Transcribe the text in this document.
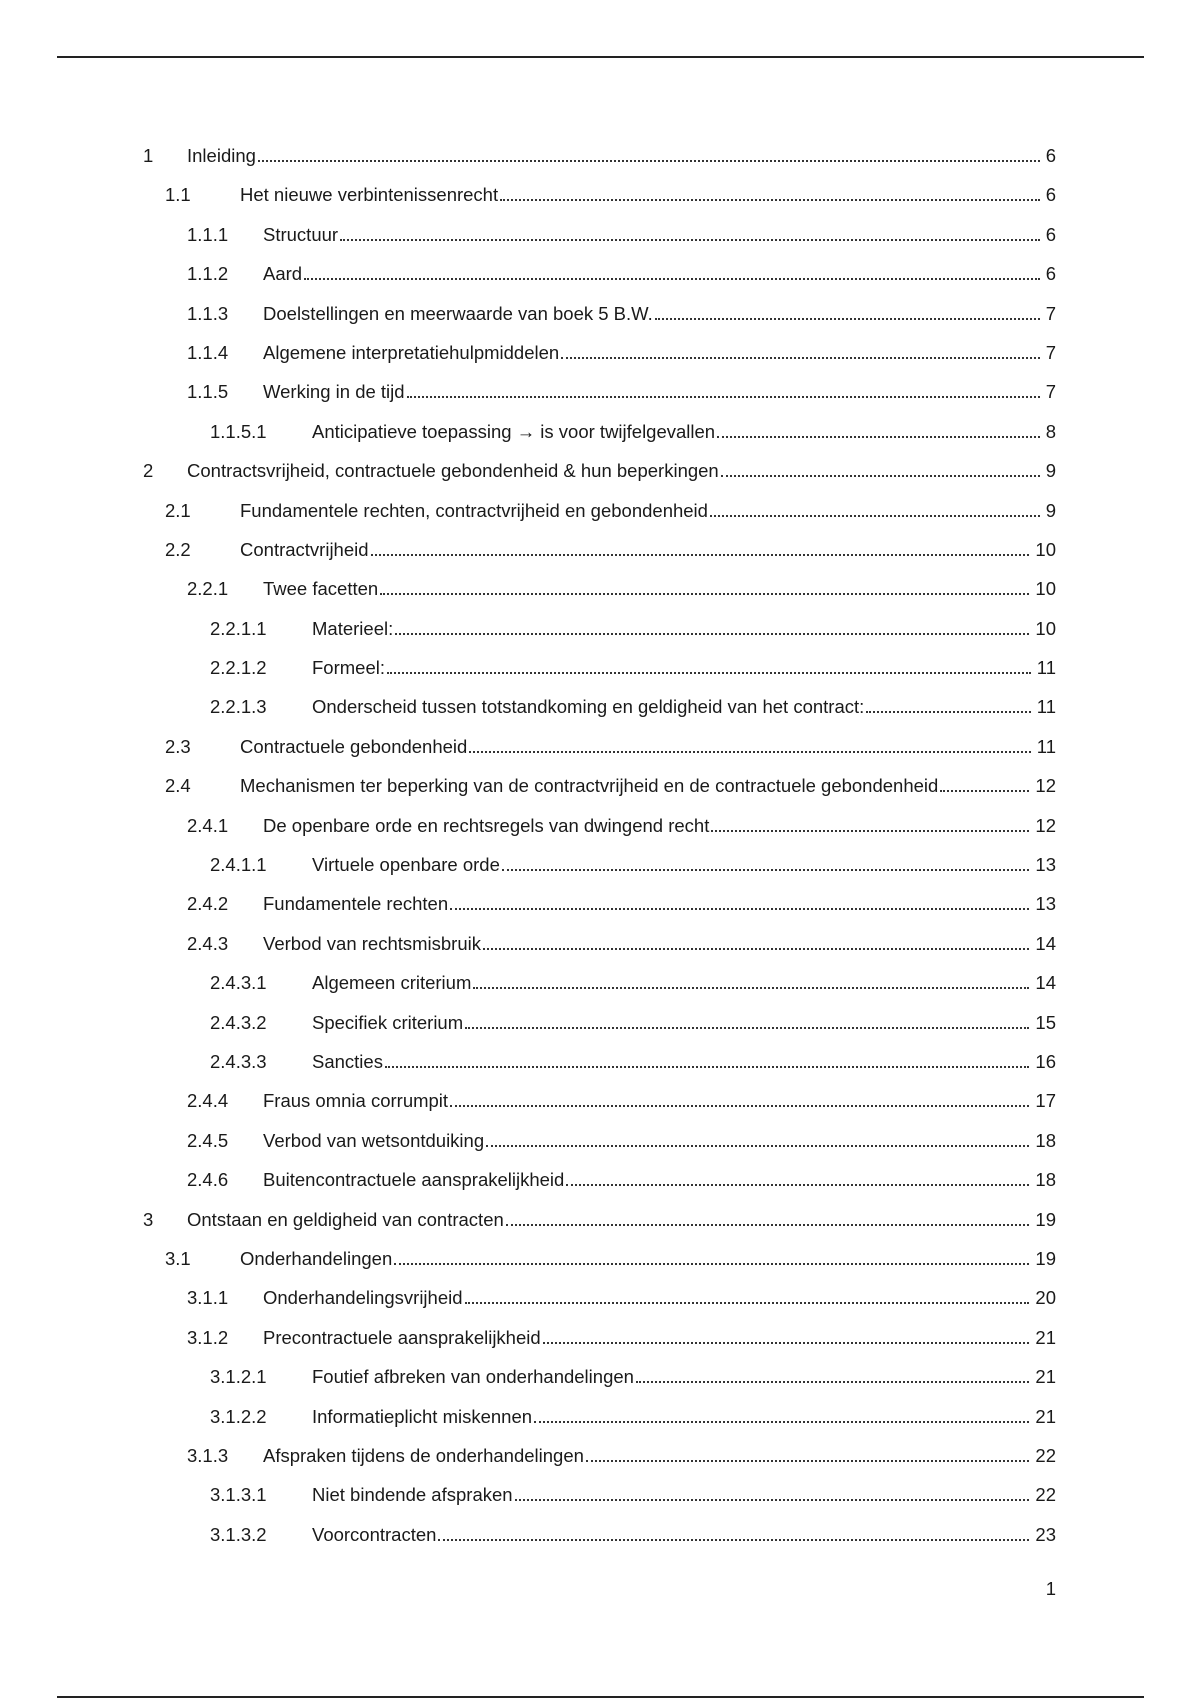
1 Inleiding	6
1.1	Het nieuwe verbintenissenrecht	6
1.1.1 Structuur	6
1.1.2 Aard	6
1.1.3 Doelstellingen en meerwaarde van boek 5 B.W.	7
1.1.4 Algemene interpretatiehulpmiddelen	7
1.1.5 Werking in de tijd	7
1.1.5.1 Anticipatieve toepassing → is voor twijfelgevallen	8
2 Contractsvrijheid, contractuele gebondenheid & hun beperkingen	9
2.1	Fundamentele rechten, contractvrijheid en gebondenheid	9
2.2	Contractvrijheid	10
2.2.1 Twee facetten	10
2.2.1.1 Materieel:	10
2.2.1.2 Formeel:	11
2.2.1.3 Onderscheid tussen totstandkoming en geldigheid van het contract:	11
2.3	Contractuele gebondenheid	11
2.4	Mechanismen ter beperking van de contractvrijheid en de contractuele gebondenheid	12
2.4.1 De openbare orde en rechtsregels van dwingend recht	12
2.4.1.1 Virtuele openbare orde	13
2.4.2 Fundamentele rechten	13
2.4.3 Verbod van rechtsmisbruik	14
2.4.3.1 Algemeen criterium	14
2.4.3.2 Specifiek criterium	15
2.4.3.3 Sancties	16
2.4.4 Fraus omnia corrumpit	17
2.4.5 Verbod van wetsontduiking	18
2.4.6 Buitencontractuele aansprakelijkheid	18
3 Ontstaan en geldigheid van contracten	19
3.1	Onderhandelingen	19
3.1.1 Onderhandelingsvrijheid	20
3.1.2 Precontractuele aansprakelijkheid	21
3.1.2.1 Foutief afbreken van onderhandelingen	21
3.1.2.2 Informatieplicht miskennen	21
3.1.3 Afspraken tijdens de onderhandelingen	22
3.1.3.1 Niet bindende afspraken	22
3.1.3.2 Voorcontracten	23
1
